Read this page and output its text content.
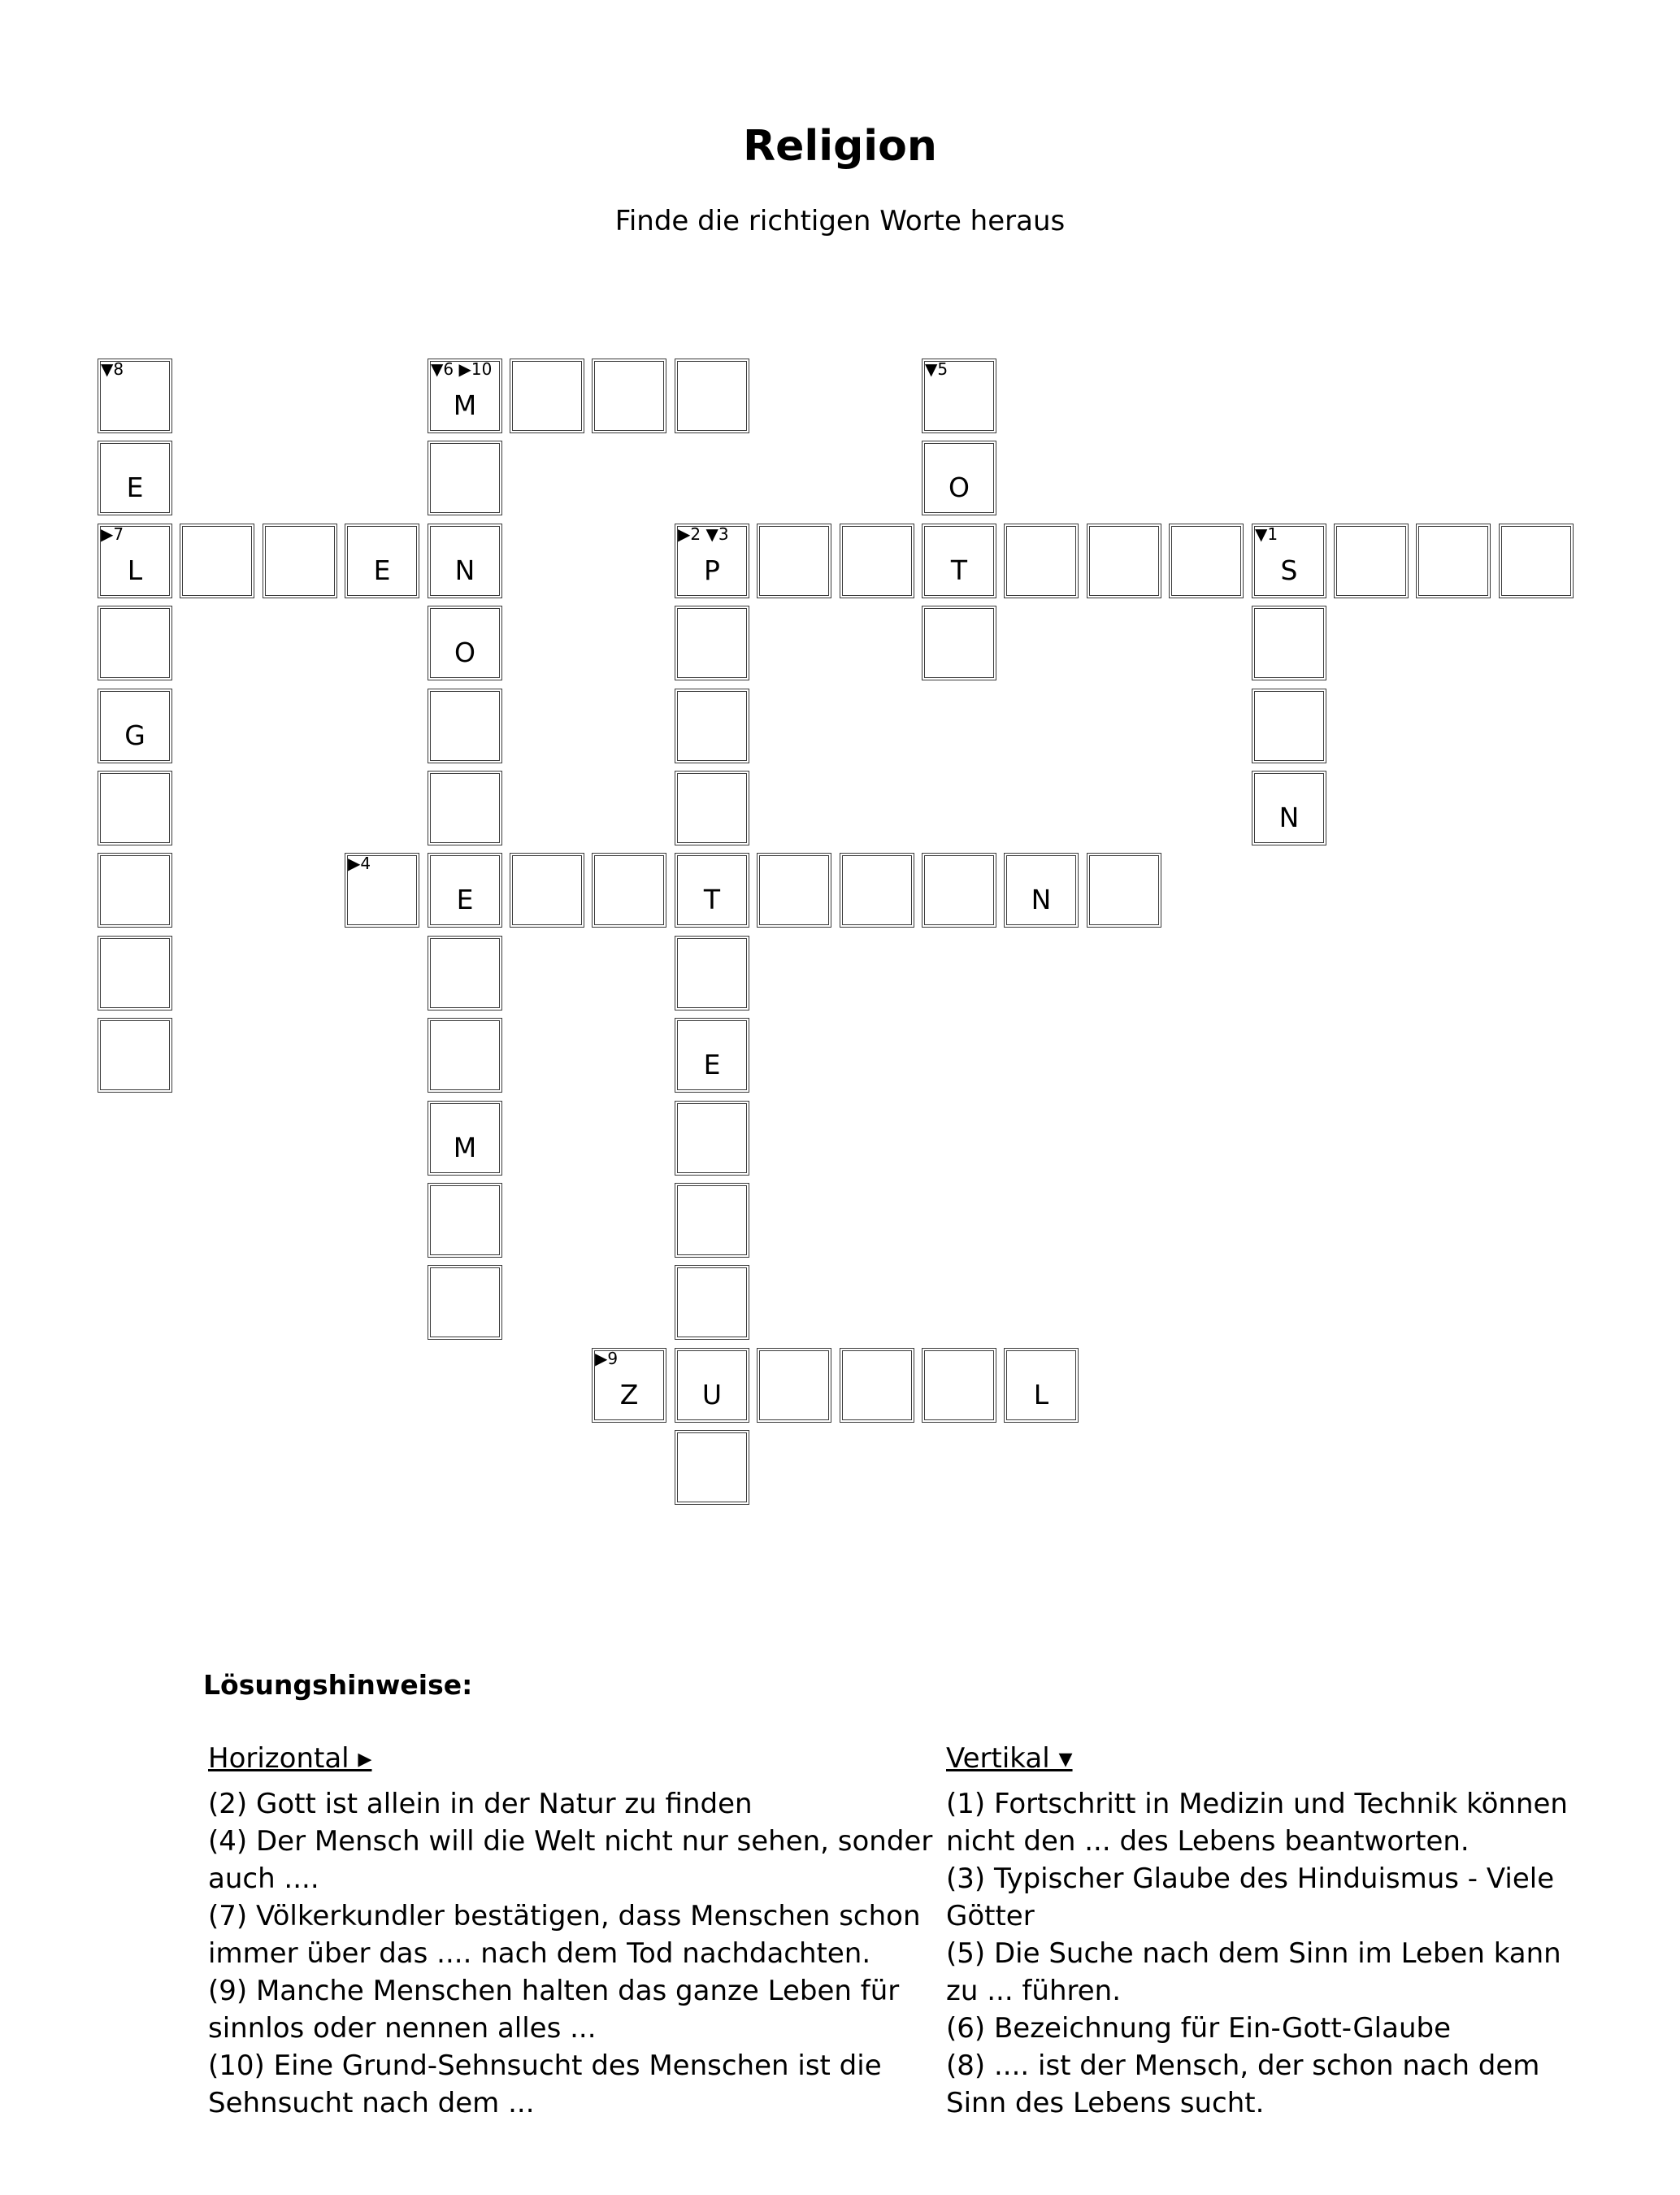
Religion

Finde die richtigen Worte heraus

▼8	▼6 ▶10
M
▼5
E	O
▶7
L	E	N
▶2 ▼3
P	T
▼1
S
O
G
N
▶4
E	T	N
E
M
▶9
Z	U	L
Lösungshinweise:
Horizontal ▸

(2) Gott ist allein in der Natur zu finden

(4) Der Mensch will die Welt nicht nur sehen, sonder auch ....

(7) Völkerkundler bestätigen, dass Menschen schon immer über das .... nach dem Tod nachdachten.

(9) Manche Menschen halten das ganze Leben für sinnlos oder nennen alles ...

(10) Eine Grund-Sehnsucht des Menschen ist die Sehnsucht nach dem ...

Vertikal ▾

(1) Fortschritt in Medizin und Technik können nicht den ... des Lebens beantworten.

(3) Typischer Glaube des Hinduismus - Viele Götter

(5) Die Suche nach dem Sinn im Leben kann zu ... führen.

(6) Bezeichnung für Ein-Gott-Glaube

(8) .... ist der Mensch, der schon nach dem Sinn des Lebens sucht.
